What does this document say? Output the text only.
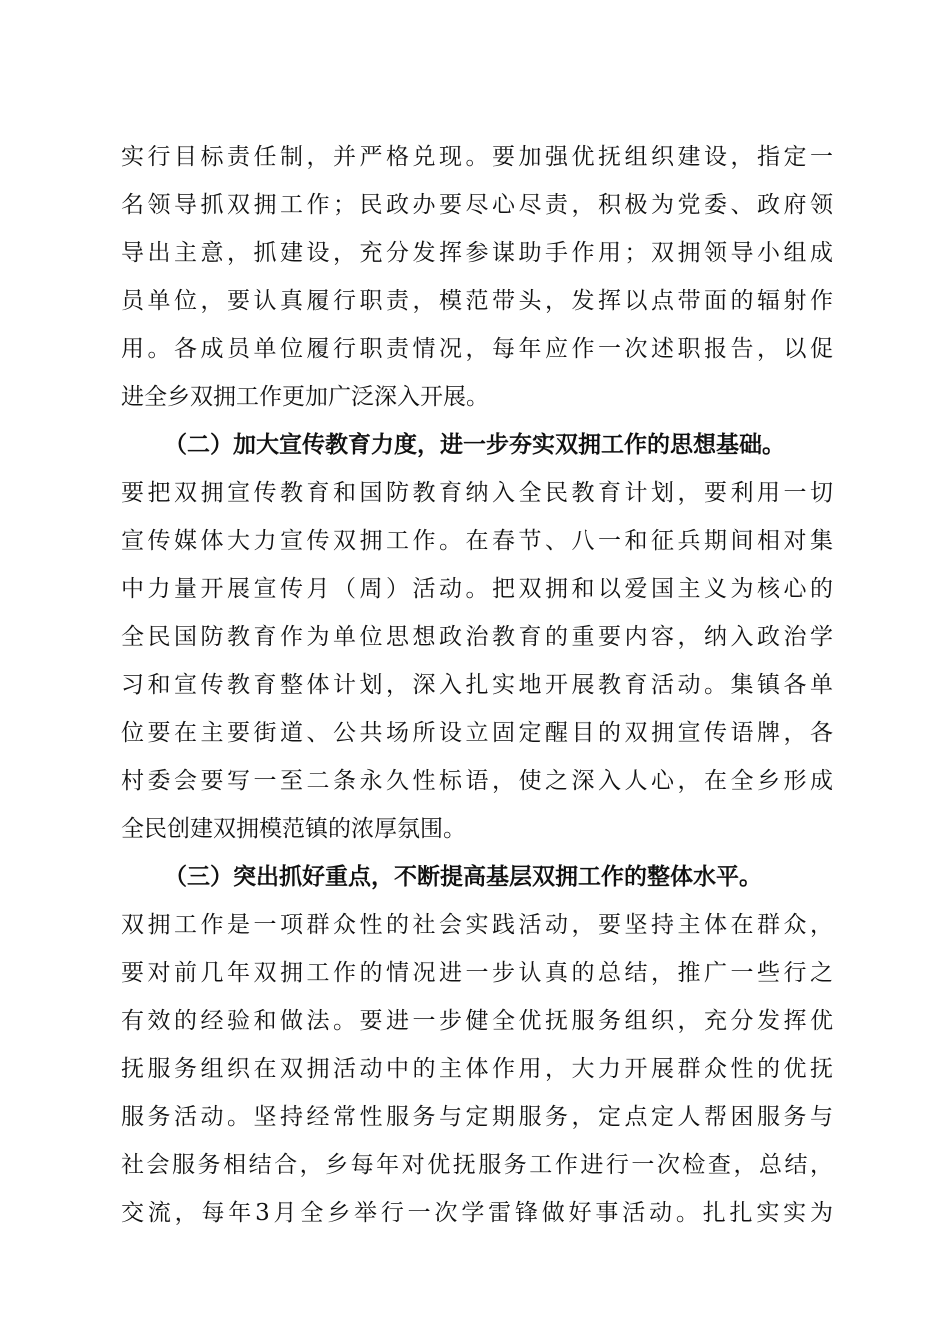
实行目标责任制，并严格兑现。要加强优抚组织建设，指定一
名领导抓双拥工作；民政办要尽心尽责，积极为党委、政府领
导出主意，抓建设，充分发挥参谋助手作用；双拥领导小组成
员单位，要认真履行职责，模范带头，发挥以点带面的辐射作
用。各成员单位履行职责情况，每年应作一次述职报告，以促
进全乡双拥工作更加广泛深入开展。
（二）加大宣传教育力度，进一步夯实双拥工作的思想基础。
要把双拥宣传教育和国防教育纳入全民教育计划，要利用一切
宣传媒体大力宣传双拥工作。在春节、八一和征兵期间相对集
中力量开展宣传月（周）活动。把双拥和以爱国主义为核心的
全民国防教育作为单位思想政治教育的重要内容，纳入政治学
习和宣传教育整体计划，深入扎实地开展教育活动。集镇各单
位要在主要街道、公共场所设立固定醒目的双拥宣传语牌，各
村委会要写一至二条永久性标语，使之深入人心，在全乡形成
全民创建双拥模范镇的浓厚氛围。
（三）突出抓好重点，不断提高基层双拥工作的整体水平。
双拥工作是一项群众性的社会实践活动，要坚持主体在群众，
要对前几年双拥工作的情况进一步认真的总结，推广一些行之
有效的经验和做法。要进一步健全优抚服务组织，充分发挥优
抚服务组织在双拥活动中的主体作用，大力开展群众性的优抚
服务活动。坚持经常性服务与定期服务，定点定人帮困服务与
社会服务相结合，乡每年对优抚服务工作进行一次检查，总结，
交流，每年3月全乡举行一次学雷锋做好事活动。扎扎实实为
